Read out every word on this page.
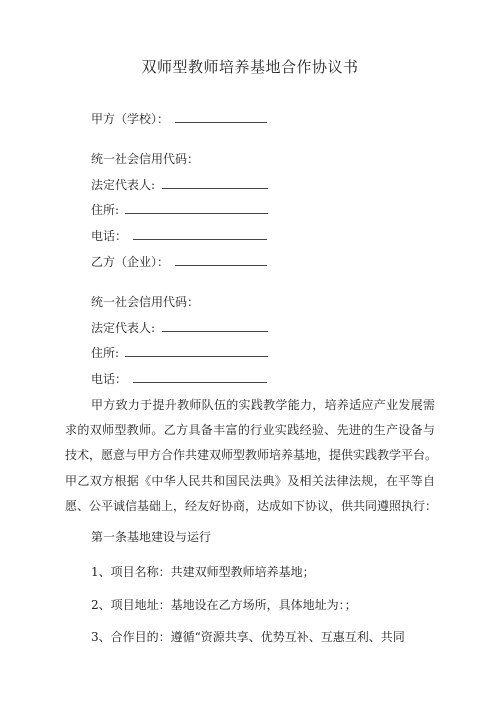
双师型教师培养基地合作协议书
甲方（学校）：
统一社会信用代码：
法定代表人:
住所:
电话：
乙方（企业）：
统一社会信用代码：
法定代表人:
住所:
电话：
甲方致力于提升教师队伍的实践教学能力，培养适应产业发展需
求的双师型教师。乙方具备丰富的行业实践经验、先进的生产设备与
技术，愿意与甲方合作共建双师型教师培养基地，提供实践教学平台。
甲乙双方根据《中华人民共和国民法典》及相关法律法规，在平等自
愿、公平诚信基础上，经友好协商，达成如下协议，供共同遵照执行：
第一条基地建设与运行
1、项目名称：共建双师型教师培养基地；
2、项目地址：基地设在乙方场所，具体地址为：；
3、合作目的：遵循“资源共享、优势互补、互惠互利、共同
